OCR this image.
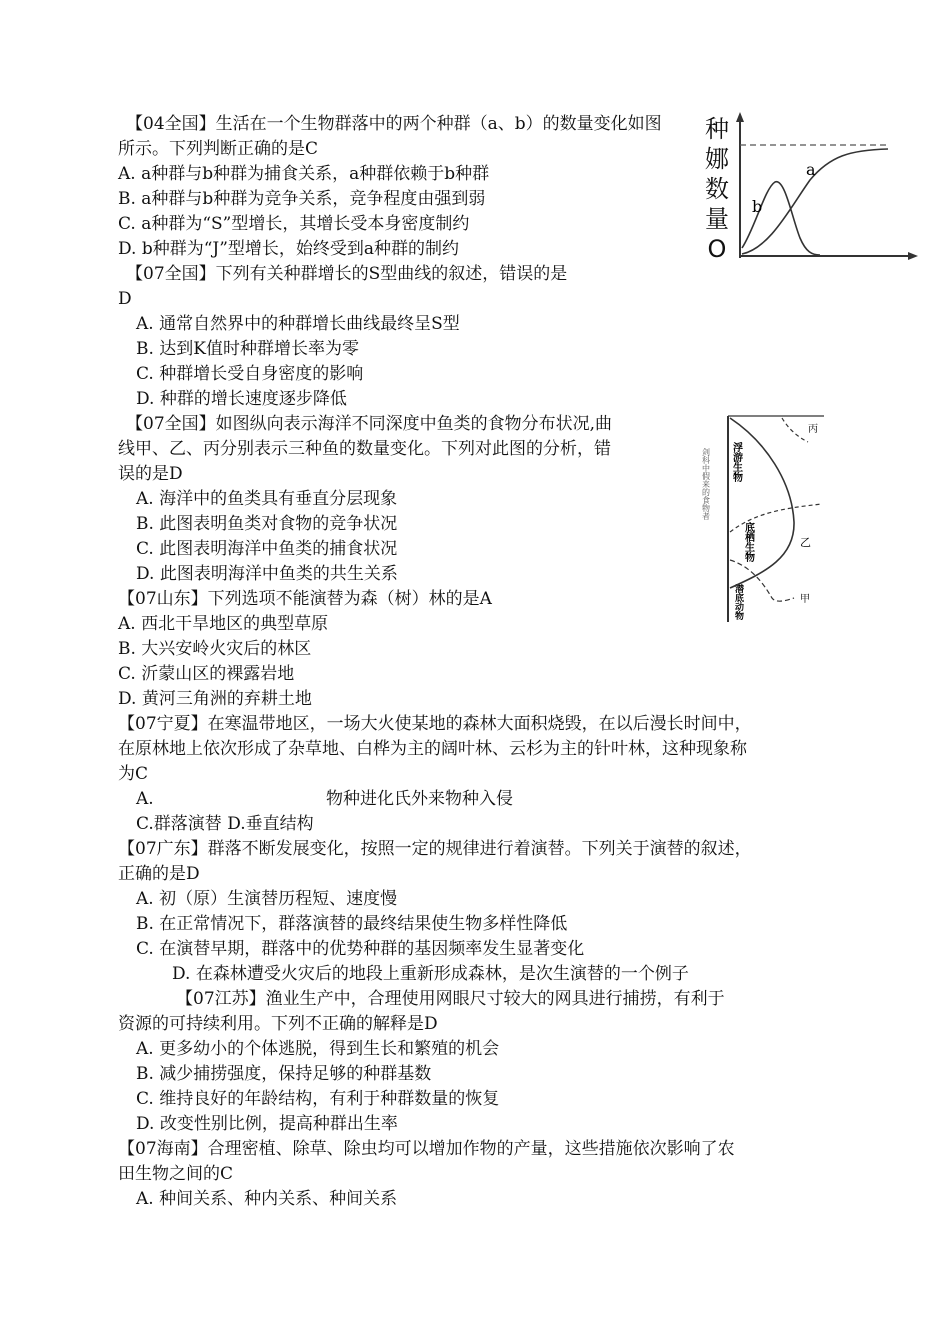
【04全国】生活在一个生物群落中的两个种群（a、b）的数量变化如图
所示。下列判断正确的是C
A. a种群与b种群为捕食关系，a种群依赖于b种群
B. a种群与b种群为竞争关系，竞争程度由强到弱
C. a种群为“S”型增长，其增长受本身密度制约
D. b种群为“J”型增长，始终受到a种群的制约
种
娜
数
量
O
a
b
【07全国】下列有关种群增长的S型曲线的叙述，错误的是
D
A. 通常自然界中的种群增长曲线最终呈S型
B. 达到K值时种群增长率为零
C. 种群增长受自身密度的影响
D. 种群的增长速度逐步降低
【07全国】如图纵向表示海洋不同深度中鱼类的食物分布状况,曲
线甲、乙、丙分别表示三种鱼的数量变化。下列对此图的分析，错
误的是D
A. 海洋中的鱼类具有垂直分层现象
B. 此图表明鱼类对食物的竞争状况
C. 此图表明海洋中鱼类的捕食状况
D. 此图表明海洋中鱼类的共生关系
剑科中假来的食物者 浮游生物
底栖生物
潜底动物
丙
乙
甲
【07山东】下列选项不能演替为森（树）林的是A
A. 西北干旱地区的典型草原
B. 大兴安岭火灾后的林区
C. 沂蒙山区的裸露岩地
D. 黄河三角洲的弃耕土地
【07宁夏】在寒温带地区，一场大火使某地的森林大面积烧毁，在以后漫长时间中，
在原林地上依次形成了杂草地、白桦为主的阔叶林、云杉为主的针叶林，这种现象称
为C
A.	物种进化氏外来物种入侵
C.群落演替 D.垂直结构
【07广东】群落不断发展变化，按照一定的规律进行着演替。下列关于演替的叙述，
正确的是D
A. 初（原）生演替历程短、速度慢
B. 在正常情况下，群落演替的最终结果使生物多样性降低
C. 在演替早期，群落中的优势种群的基因频率发生显著变化
D. 在森林遭受火灾后的地段上重新形成森林，是次生演替的一个例子
【07江苏】渔业生产中，合理使用网眼尺寸较大的网具进行捕捞，有利于
资源的可持续利用。下列不正确的解释是D
A. 更多幼小的个体逃脱，得到生长和繁殖的机会
B. 减少捕捞强度，保持足够的种群基数
C. 维持良好的年龄结构，有利于种群数量的恢复
D. 改变性别比例，提高种群出生率
【07海南】合理密植、除草、除虫均可以增加作物的产量，这些措施依次影响了农
田生物之间的C
A. 种间关系、种内关系、种间关系
